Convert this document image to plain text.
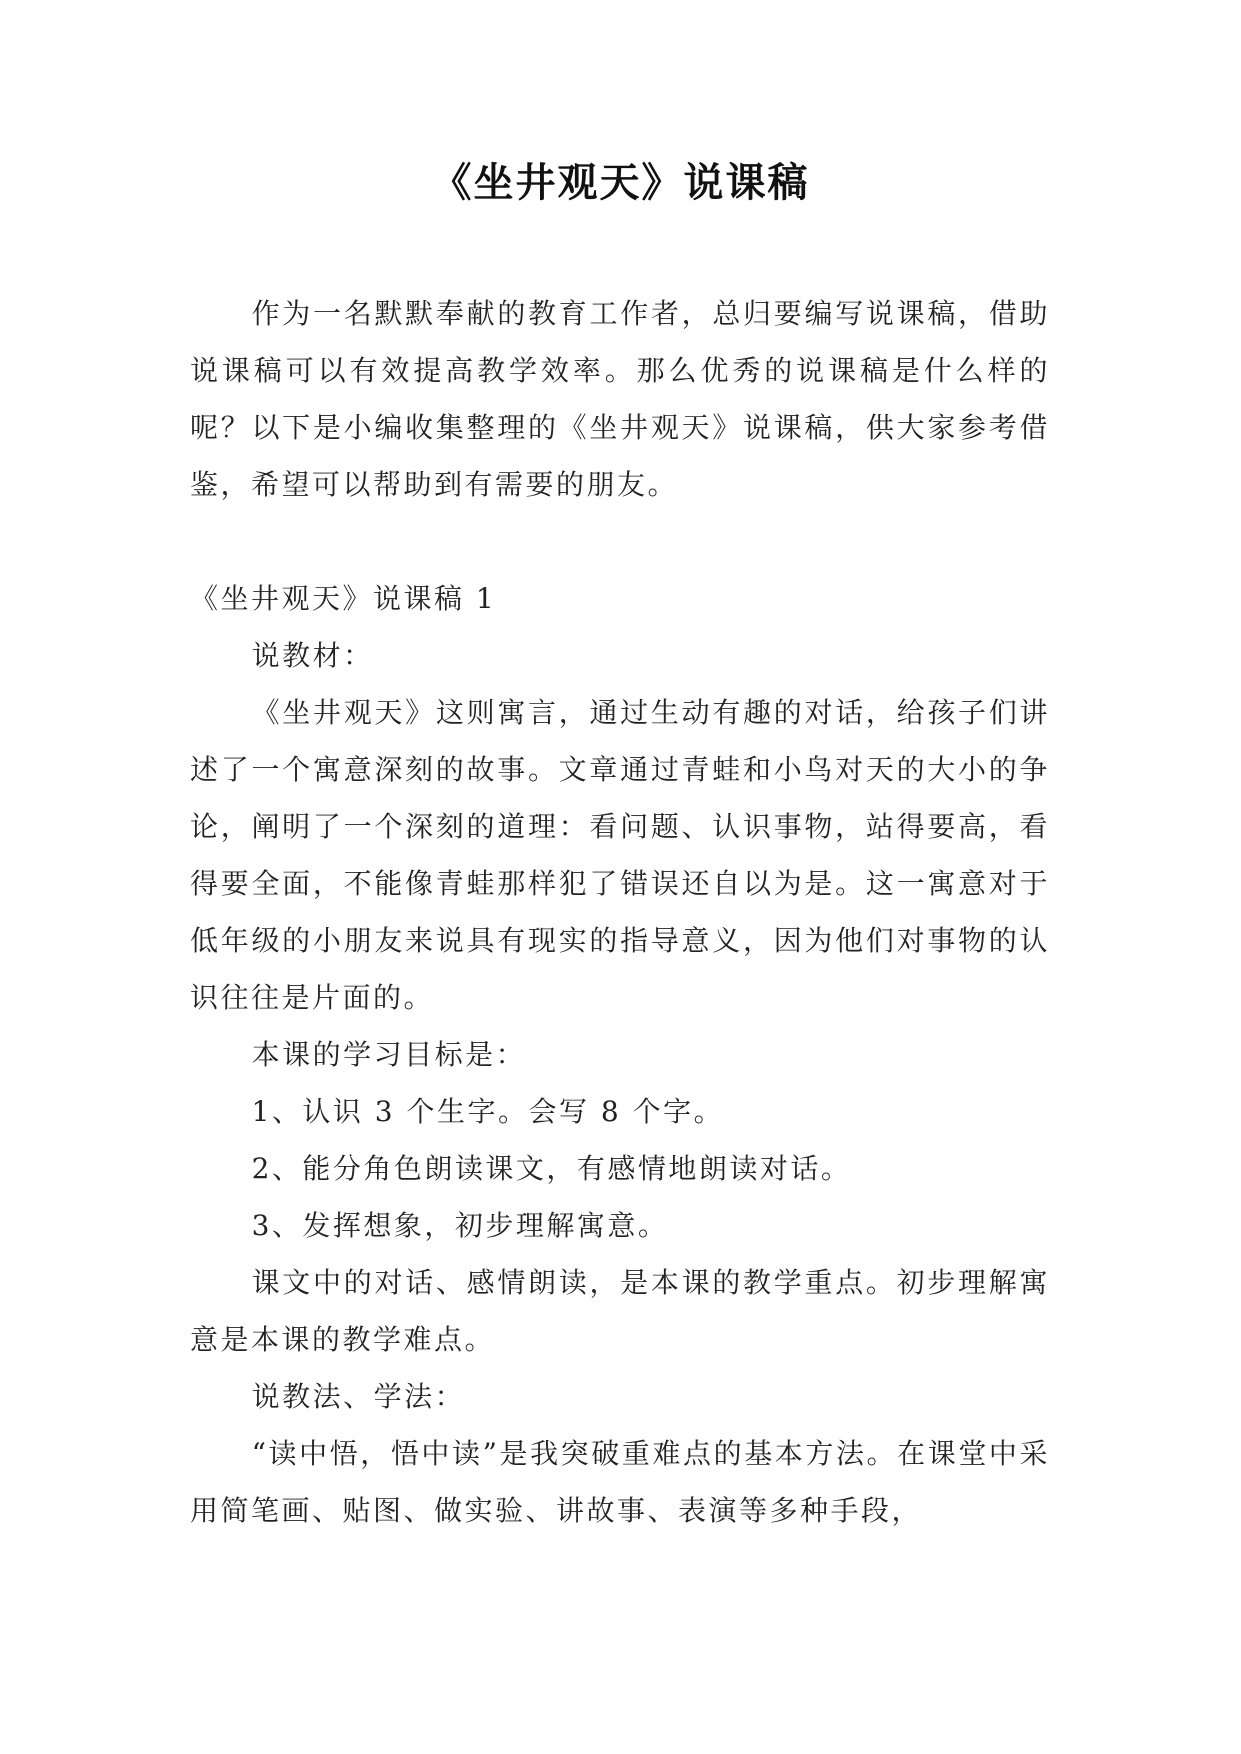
《坐井观天》说课稿

作为一名默默奉献的教育工作者，总归要编写说课稿，借助说课稿可以有效提高教学效率。那么优秀的说课稿是什么样的呢？以下是小编收集整理的《坐井观天》说课稿，供大家参考借鉴，希望可以帮助到有需要的朋友。

《坐井观天》说课稿 1

说教材：

《坐井观天》这则寓言，通过生动有趣的对话，给孩子们讲述了一个寓意深刻的故事。文章通过青蛙和小鸟对天的大小的争论，阐明了一个深刻的道理：看问题、认识事物，站得要高，看得要全面，不能像青蛙那样犯了错误还自以为是。这一寓意对于低年级的小朋友来说具有现实的指导意义，因为他们对事物的认识往往是片面的。

本课的学习目标是：

1、认识 3 个生字。会写 8 个字。

2、能分角色朗读课文，有感情地朗读对话。

3、发挥想象，初步理解寓意。

课文中的对话、感情朗读，是本课的教学重点。初步理解寓意是本课的教学难点。

说教法、学法：

“读中悟，悟中读”是我突破重难点的基本方法。在课堂中采用简笔画、贴图、做实验、讲故事、表演等多种手段，
